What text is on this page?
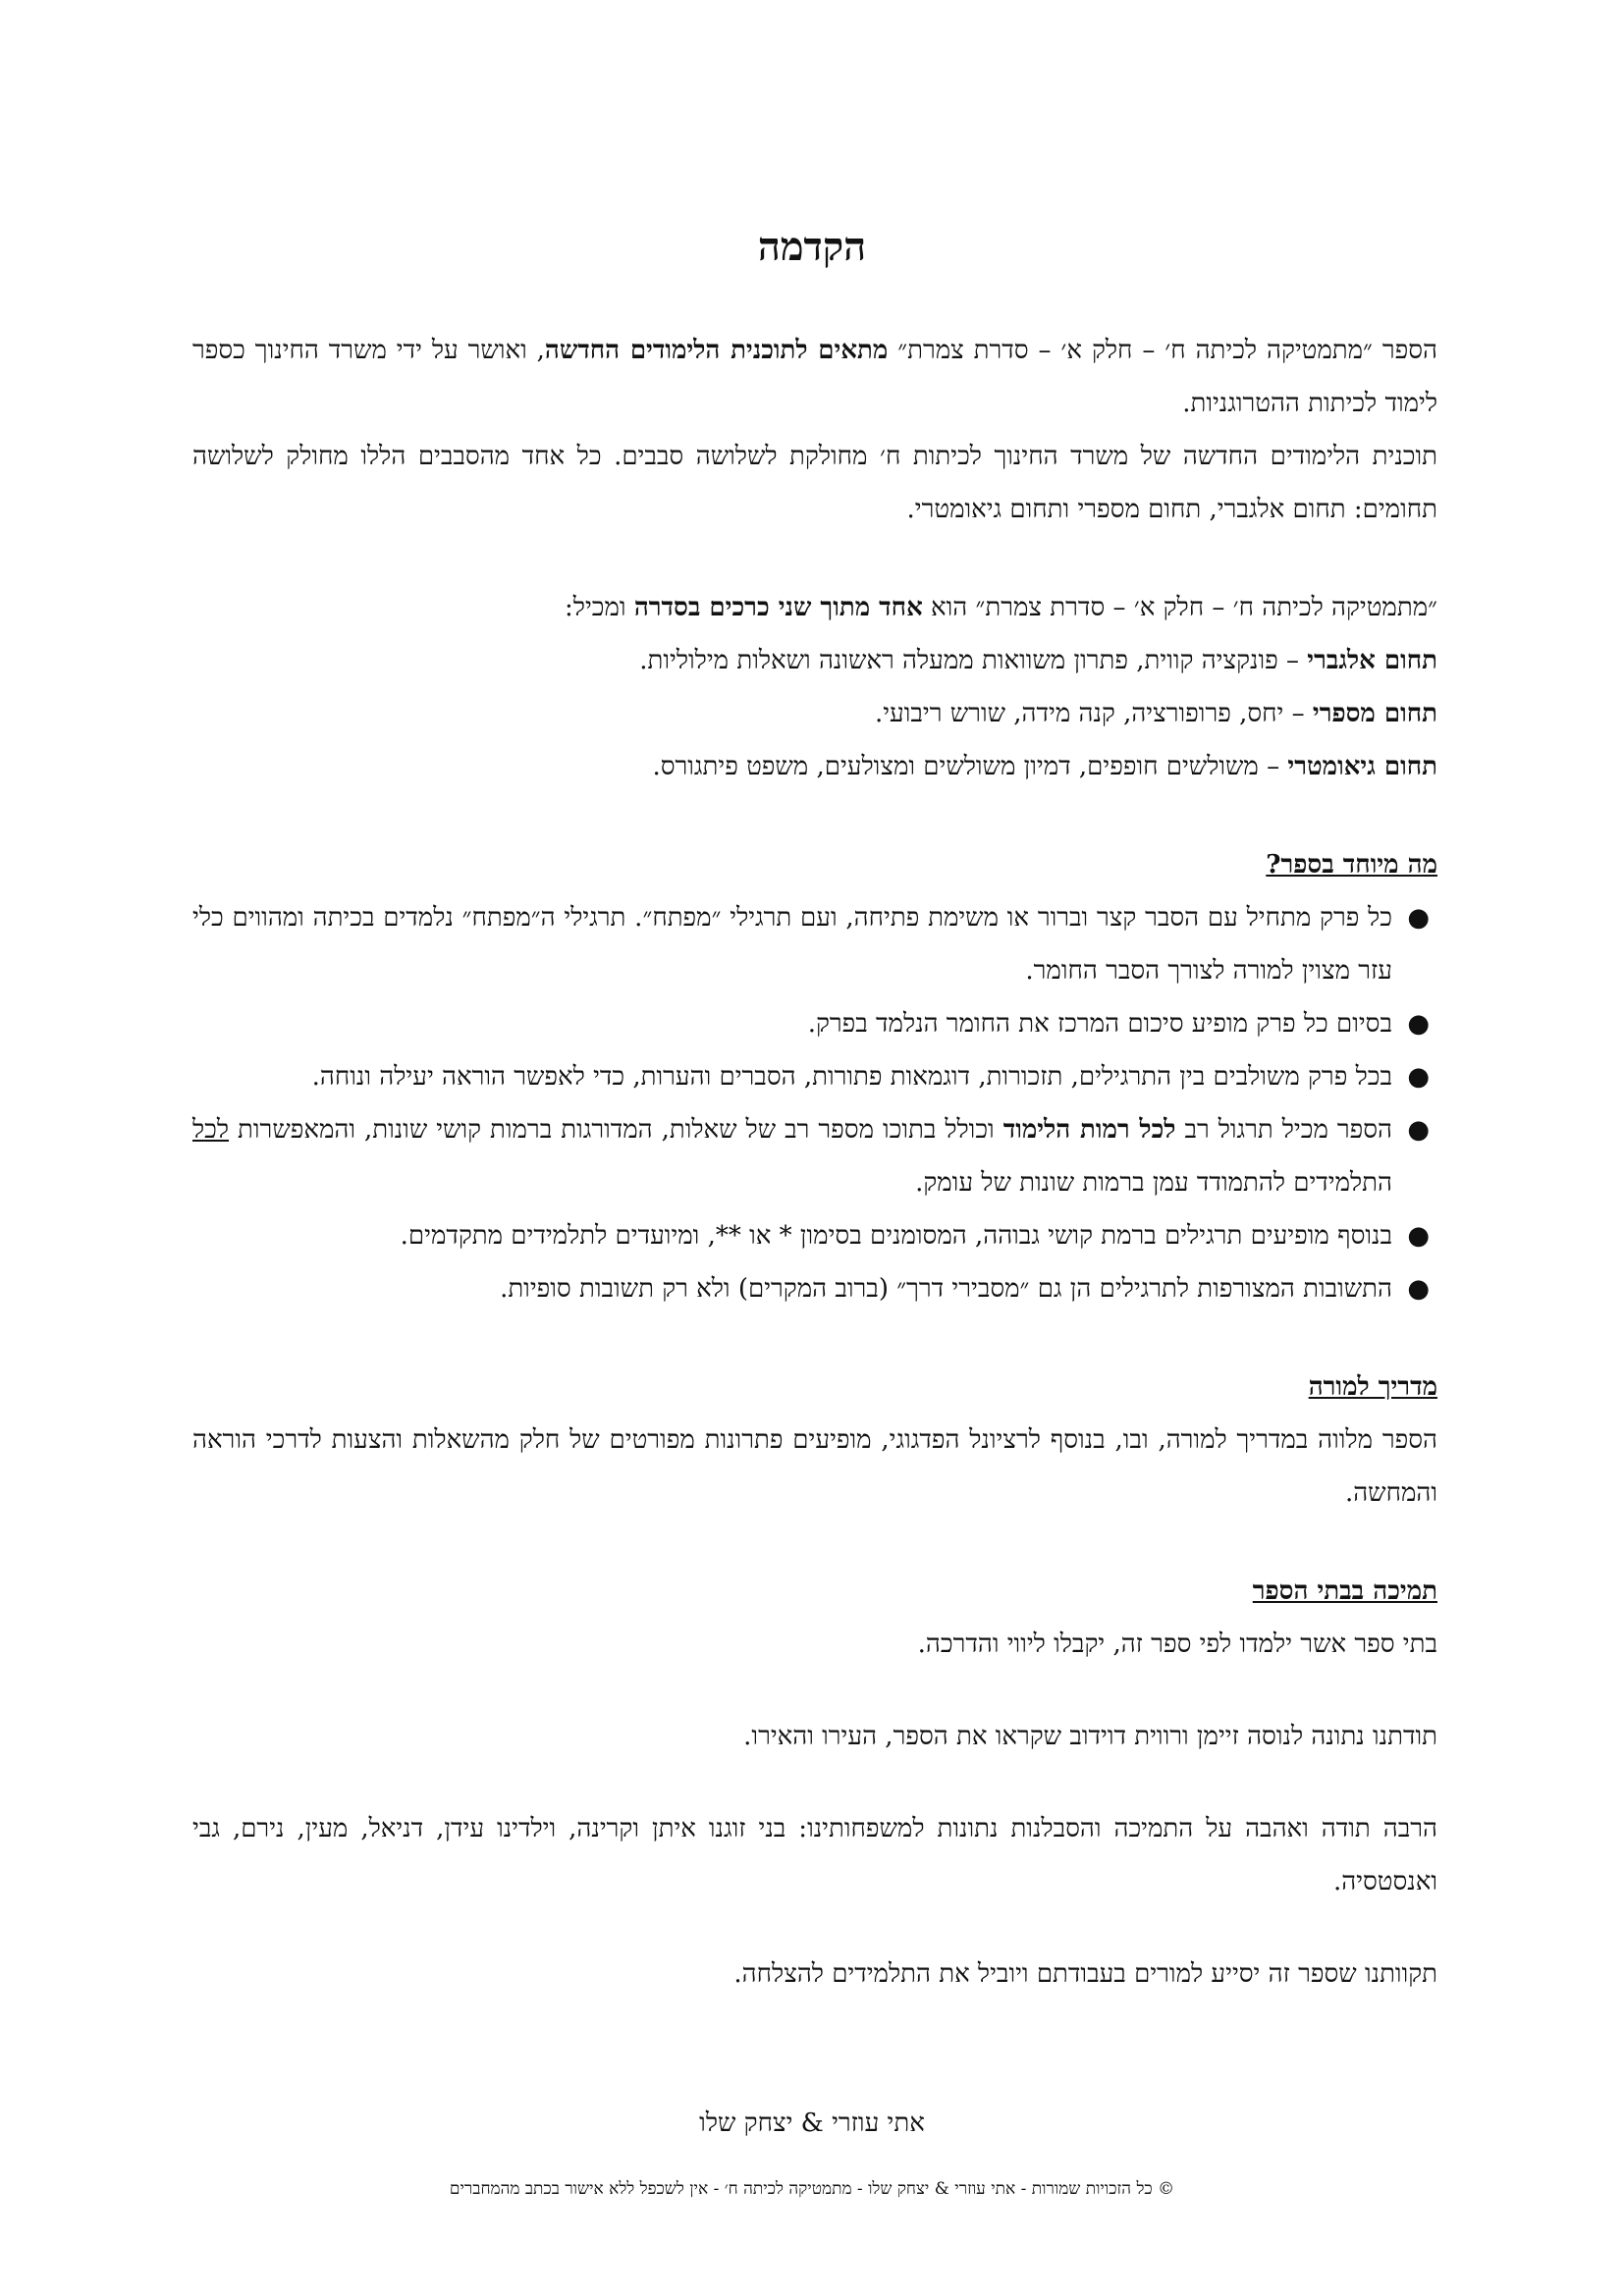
הקדמה

הספר ״מתמטיקה לכיתה ח׳ – חלק א׳ – סדרת צמרת״ מתאים לתוכנית הלימודים החדשה, ואושר על ידי משרד החינוך כספר לימוד לכיתות ההטרוגניות.

תוכנית הלימודים החדשה של משרד החינוך לכיתות ח׳ מחולקת לשלושה סבבים. כל אחד מהסבבים הללו מחולק לשלושה תחומים: תחום אלגברי, תחום מספרי ותחום גיאומטרי.

״מתמטיקה לכיתה ח׳ – חלק א׳ – סדרת צמרת״ הוא אחד מתוך שני כרכים בסדרה ומכיל:

תחום אלגברי – פונקציה קווית, פתרון משוואות ממעלה ראשונה ושאלות מילוליות.

תחום מספרי – יחס, פרופורציה, קנה מידה, שורש ריבועי.

תחום גיאומטרי – משולשים חופפים, דמיון משולשים ומצולעים, משפט פיתגורס.

מה מיוחד בספר?

●
כל פרק מתחיל עם הסבר קצר וברור או משימת פתיחה, ועם תרגילי ״מפתח״. תרגילי ה״מפתח״ נלמדים בכיתה ומהווים כלי עזר מצוין למורה לצורך הסבר החומר.
●
בסיום כל פרק מופיע סיכום המרכז את החומר הנלמד בפרק.
●
בכל פרק משולבים בין התרגילים, תזכורות, דוגמאות פתורות, הסברים והערות, כדי לאפשר הוראה יעילה ונוחה.
●
הספר מכיל תרגול רב לכל רמות הלימוד וכולל בתוכו מספר רב של שאלות, המדורגות ברמות קושי שונות, והמאפשרות לכל התלמידים להתמודד עמן ברמות שונות של עומק.
●
בנוסף מופיעים תרגילים ברמת קושי גבוהה, המסומנים בסימון * או **, ומיועדים לתלמידים מתקדמים.
●
התשובות המצורפות לתרגילים הן גם ״מסבירי דרך״ (ברוב המקרים) ולא רק תשובות סופיות.

מדריך למורה

הספר מלווה במדריך למורה, ובו, בנוסף לרציונל הפדגוגי, מופיעים פתרונות מפורטים של חלק מהשאלות והצעות לדרכי הוראה והמחשה.

תמיכה בבתי הספר

בתי ספר אשר ילמדו לפי ספר זה, יקבלו ליווי והדרכה.

תודתנו נתונה לנוסה זיימן ורווית דוידוב שקראו את הספר, העירו והאירו.

הרבה תודה ואהבה על התמיכה והסבלנות נתונות למשפחותינו: בני זוגנו איתן וקרינה, וילדינו עידן, דניאל, מעין, נירם, גבי ואנסטסיה.

תקוותנו שספר זה יסייע למורים בעבודתם ויוביל את התלמידים להצלחה.

אתי עוזרי & יצחק שלו
© כל הזכויות שמורות - אתי עוזרי & יצחק שלו - מתמטיקה לכיתה ח׳ - אין לשכפל ללא אישור בכתב מהמחברים
